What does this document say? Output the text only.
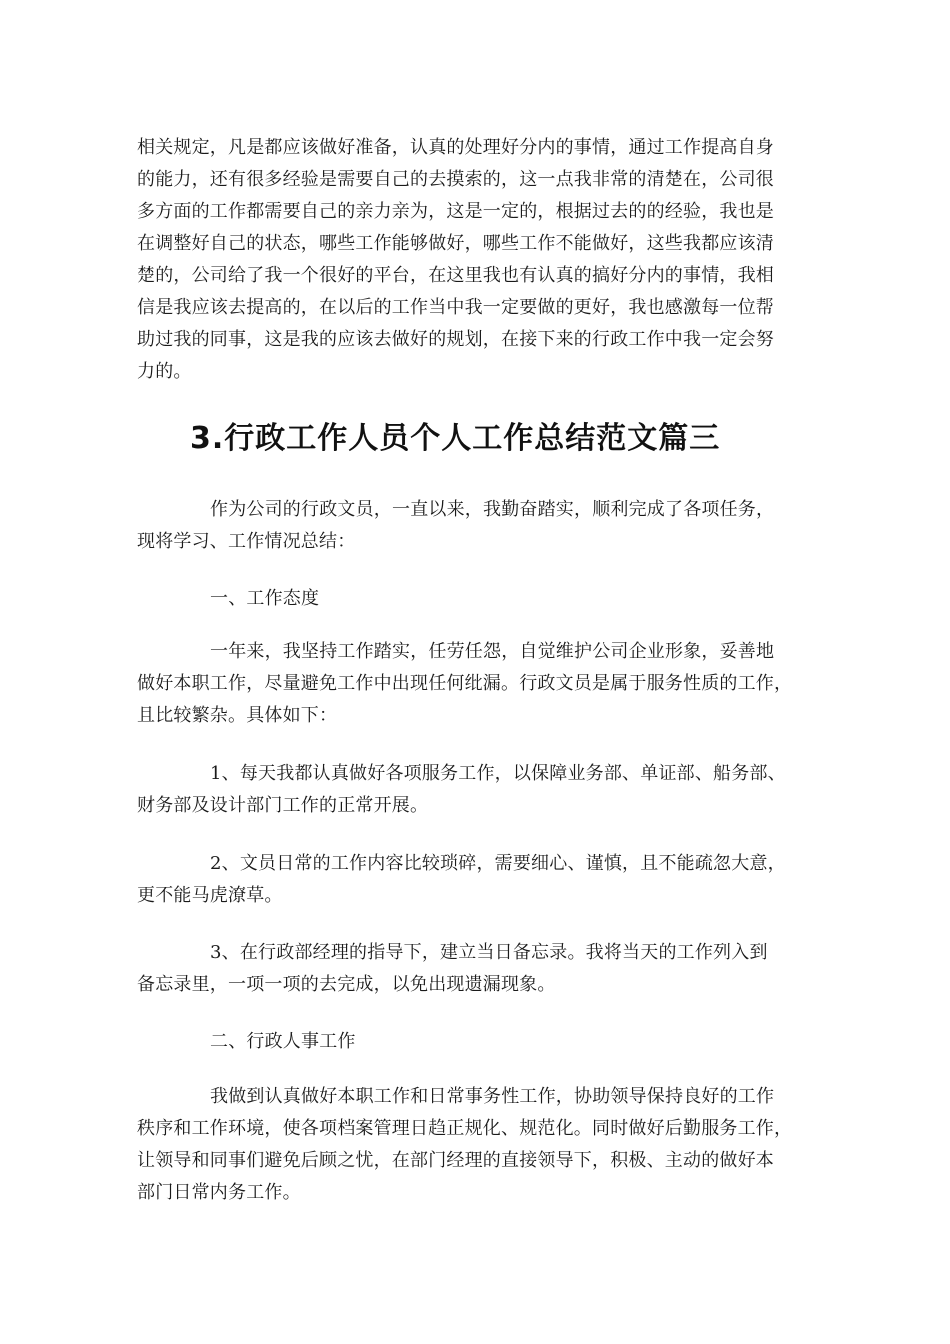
相关规定，凡是都应该做好准备，认真的处理好分内的事情，通过工作提高自身
的能力，还有很多经验是需要自己的去摸索的，这一点我非常的清楚在，公司很
多方面的工作都需要自己的亲力亲为，这是一定的，根据过去的的经验，我也是
在调整好自己的状态，哪些工作能够做好，哪些工作不能做好，这些我都应该清
楚的，公司给了我一个很好的平台，在这里我也有认真的搞好分内的事情，我相
信是我应该去提高的，在以后的工作当中我一定要做的更好，我也感激每一位帮
助过我的同事，这是我的应该去做好的规划，在接下来的行政工作中我一定会努
力的。
3.行政工作人员个人工作总结范文篇三
作为公司的行政文员，一直以来，我勤奋踏实，顺利完成了各项任务，
现将学习、工作情况总结：
一、工作态度
一年来，我坚持工作踏实，任劳任怨，自觉维护公司企业形象，妥善地
做好本职工作，尽量避免工作中出现任何纰漏。行政文员是属于服务性质的工作，
且比较繁杂。具体如下：
1、每天我都认真做好各项服务工作，以保障业务部、单证部、船务部、
财务部及设计部门工作的正常开展。
2、文员日常的工作内容比较琐碎，需要细心、谨慎，且不能疏忽大意，
更不能马虎潦草。
3、在行政部经理的指导下，建立当日备忘录。我将当天的工作列入到
备忘录里，一项一项的去完成，以免出现遗漏现象。
二、行政人事工作
我做到认真做好本职工作和日常事务性工作，协助领导保持良好的工作
秩序和工作环境，使各项档案管理日趋正规化、规范化。同时做好后勤服务工作，
让领导和同事们避免后顾之忧，在部门经理的直接领导下，积极、主动的做好本
部门日常内务工作。
